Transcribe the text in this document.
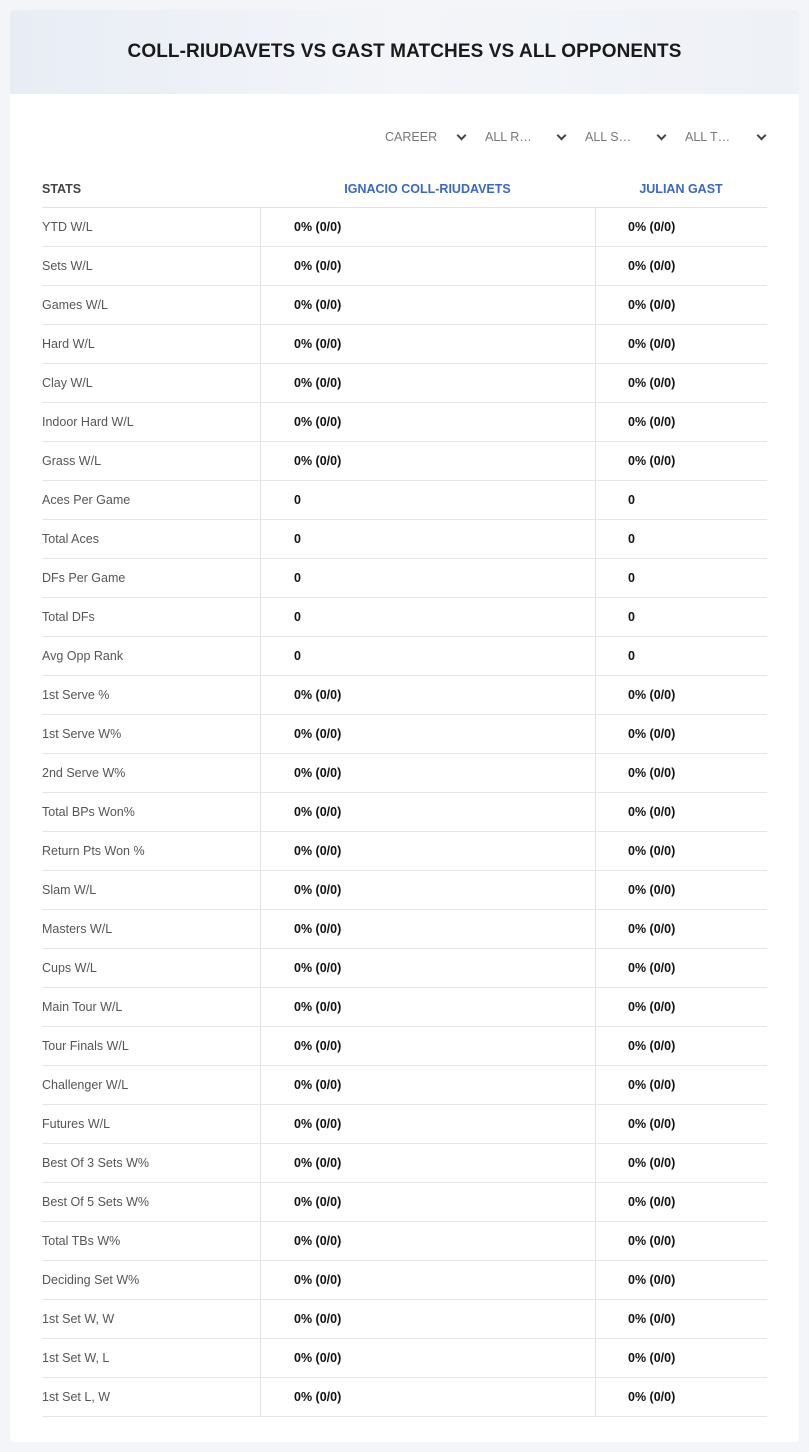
COLL-RIUDAVETS VS GAST MATCHES VS ALL OPPONENTS
CAREER	ALL R…	ALL S…	ALL T…
STATS	IGNACIO COLL-RIUDAVETS	JULIAN GAST
YTD W/L	0% (0/0)	0% (0/0)
Sets W/L	0% (0/0)	0% (0/0)
Games W/L	0% (0/0)	0% (0/0)
Hard W/L	0% (0/0)	0% (0/0)
Clay W/L	0% (0/0)	0% (0/0)
Indoor Hard W/L	0% (0/0)	0% (0/0)
Grass W/L	0% (0/0)	0% (0/0)
Aces Per Game	0	0
Total Aces	0	0
DFs Per Game	0	0
Total DFs	0	0
Avg Opp Rank	0	0
1st Serve %	0% (0/0)	0% (0/0)
1st Serve W%	0% (0/0)	0% (0/0)
2nd Serve W%	0% (0/0)	0% (0/0)
Total BPs Won%	0% (0/0)	0% (0/0)
Return Pts Won %	0% (0/0)	0% (0/0)
Slam W/L	0% (0/0)	0% (0/0)
Masters W/L	0% (0/0)	0% (0/0)
Cups W/L	0% (0/0)	0% (0/0)
Main Tour W/L	0% (0/0)	0% (0/0)
Tour Finals W/L	0% (0/0)	0% (0/0)
Challenger W/L	0% (0/0)	0% (0/0)
Futures W/L	0% (0/0)	0% (0/0)
Best Of 3 Sets W%	0% (0/0)	0% (0/0)
Best Of 5 Sets W%	0% (0/0)	0% (0/0)
Total TBs W%	0% (0/0)	0% (0/0)
Deciding Set W%	0% (0/0)	0% (0/0)
1st Set W, W	0% (0/0)	0% (0/0)
1st Set W, L	0% (0/0)	0% (0/0)
1st Set L, W	0% (0/0)	0% (0/0)
